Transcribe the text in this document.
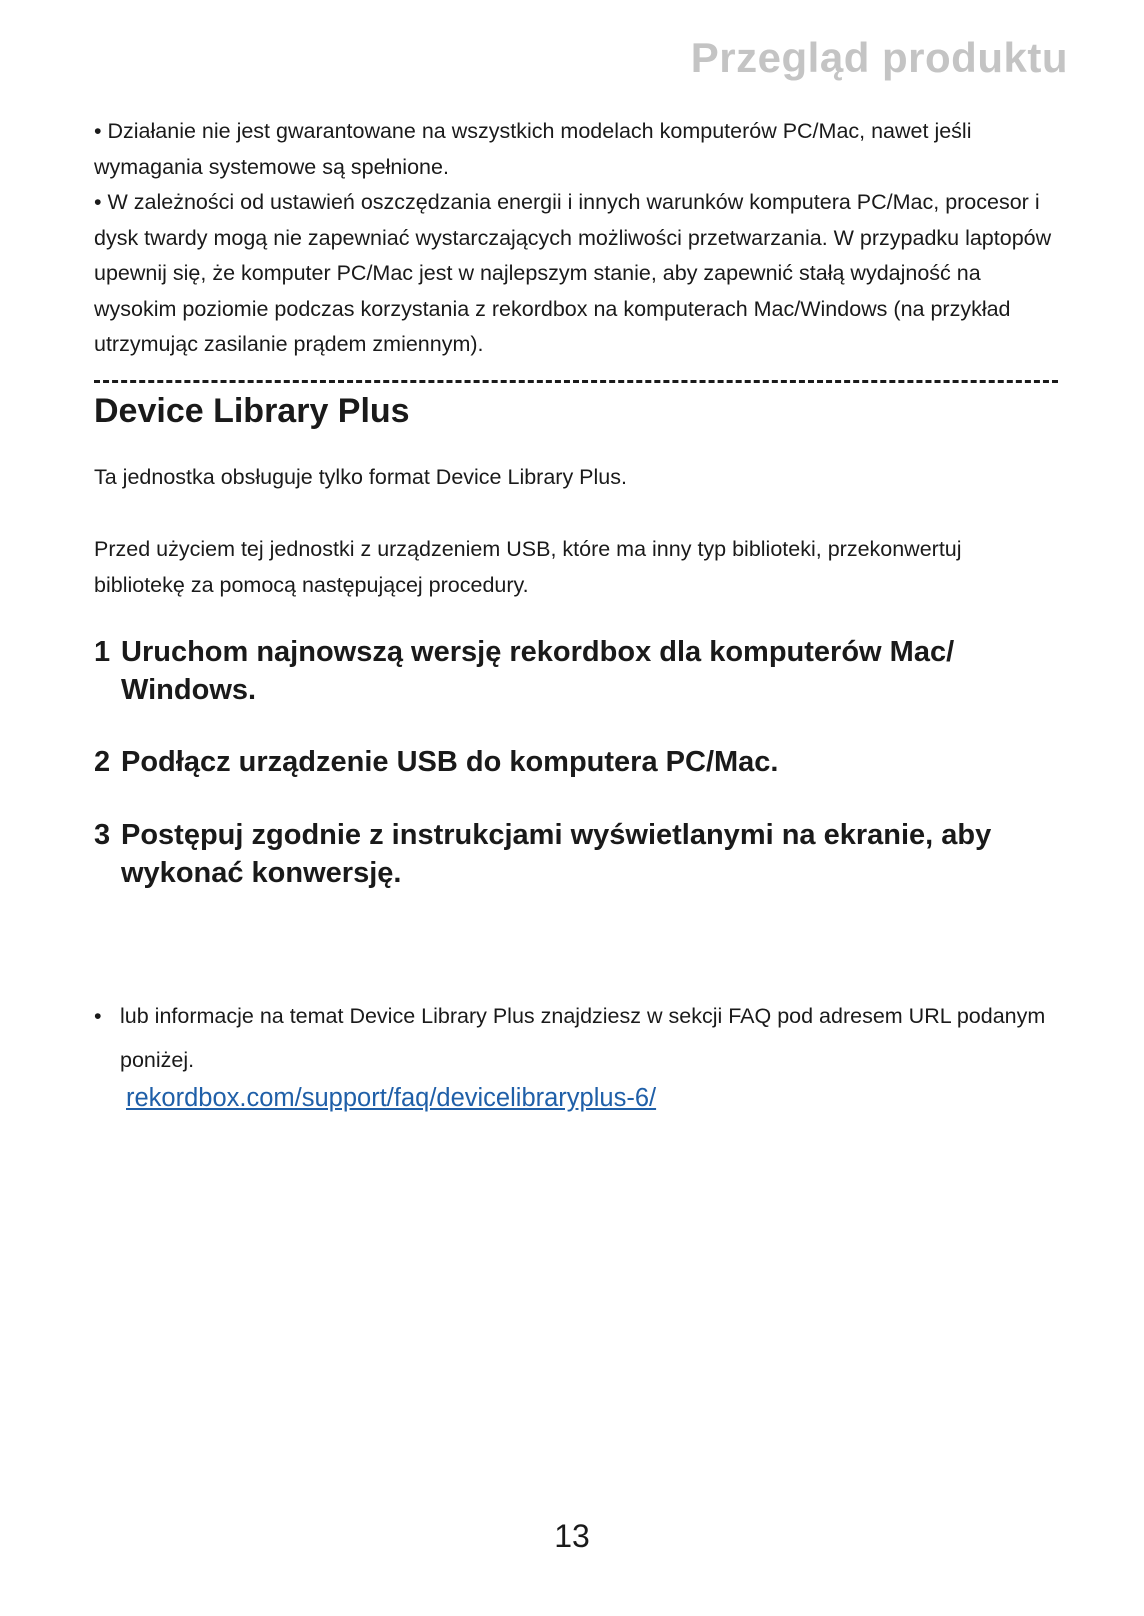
Przegląd produktu

• Działanie nie jest gwarantowane na wszystkich modelach komputerów PC/Mac, nawet jeśli wymagania systemowe są spełnione.

• W zależności od ustawień oszczędzania energii i innych warunków komputera PC/Mac, procesor i dysk twardy mogą nie zapewniać wystarczających możliwości przetwarzania. W przypadku laptopów upewnij się, że komputer PC/Mac jest w najlepszym stanie, aby zapewnić stałą wydajność na wysokim poziomie podczas korzystania z rekordbox na komputerach Mac/Windows (na przykład utrzymując zasilanie prądem zmiennym).

Device Library Plus

Ta jednostka obsługuje tylko format Device Library Plus.

Przed użyciem tej jednostki z urządzeniem USB, które ma inny typ biblioteki, przekonwertuj bibliotekę za pomocą następującej procedury.

1 Uruchom najnowszą wersję rekordbox dla komputerów Mac/ Windows.
2 Podłącz urządzenie USB do komputera PC/Mac.
3 Postępuj zgodnie z instrukcjami wyświetlanymi na ekranie, aby wykonać konwersję.
• lub informacje na temat Device Library Plus znajdziesz w sekcji FAQ pod adresem URL podanym poniżej.
rekordbox.com/support/faq/devicelibraryplus-6/
13
